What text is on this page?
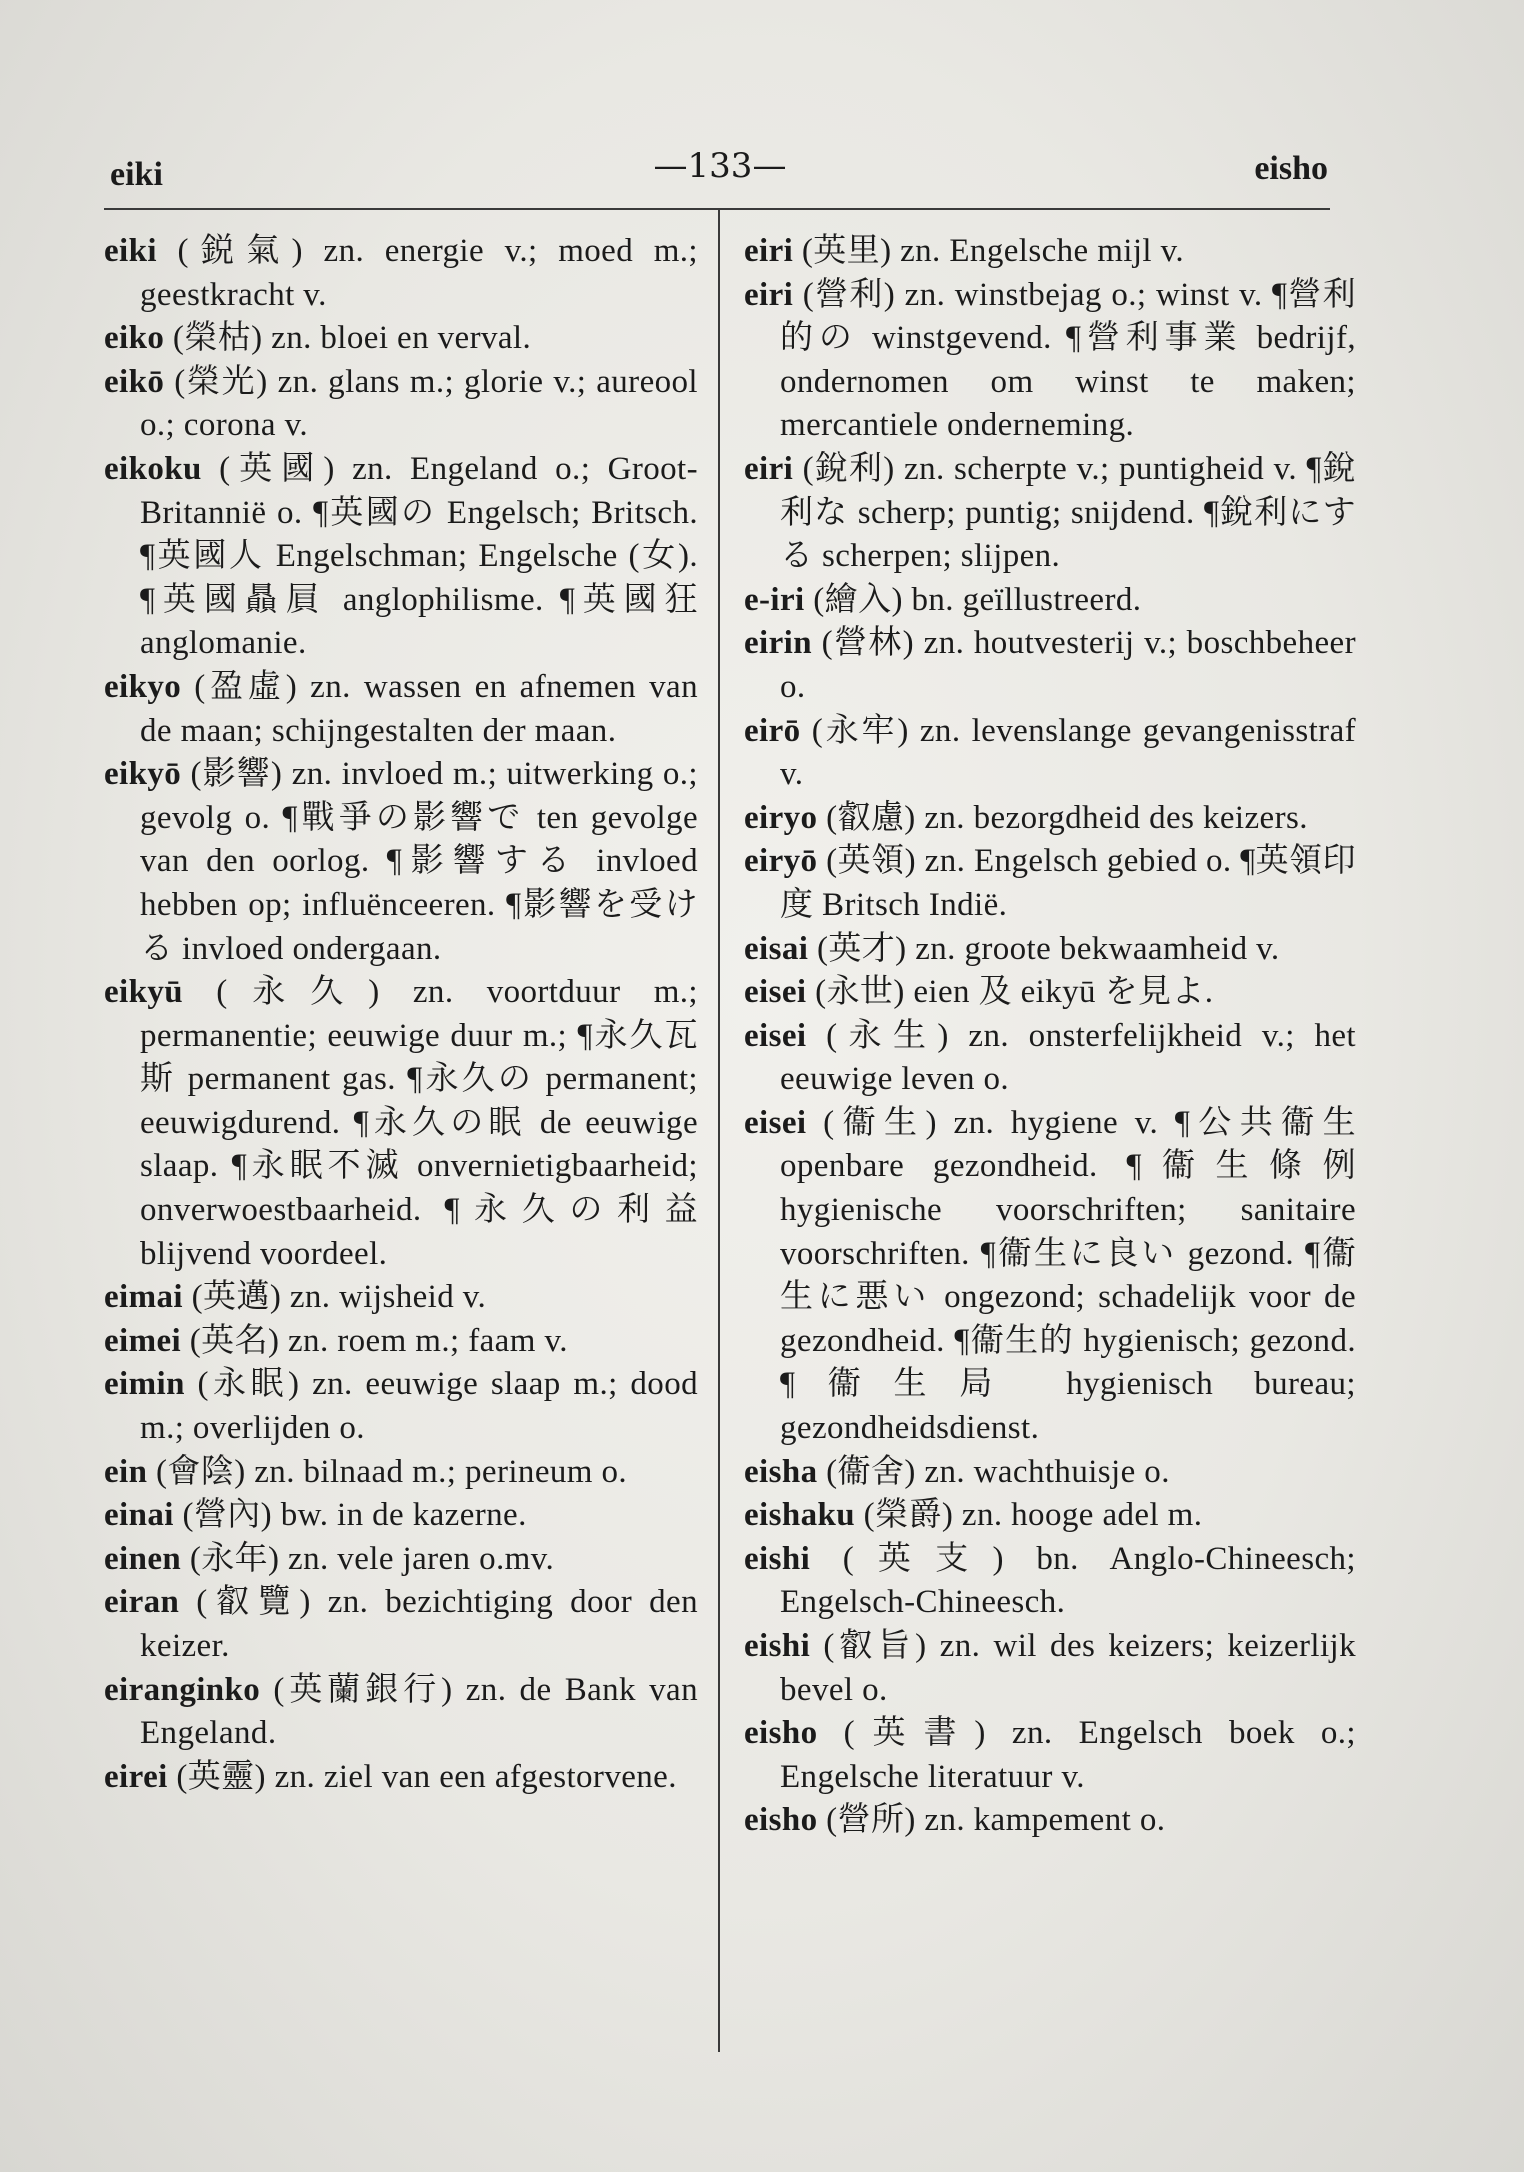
eiki	—133—	eisho

eiki (鋭氣) zn. energie v.; moed m.; geestkracht v.

eiko (榮枯) zn. bloei en verval.

eikō (榮光) zn. glans m.; glorie v.; aureool o.; corona v.

eikoku (英國) zn. Engeland o.; Groot-Britannië o. ¶英國の Engelsch; Britsch. ¶英國人 Engelschman; Engelsche (女). ¶英國贔屓 anglophilisme. ¶英國狂 anglomanie.

eikyo (盈虛) zn. wassen en afnemen van de maan; schijngestalten der maan.

eikyō (影響) zn. invloed m.; uitwerking o.; gevolg o. ¶戰爭の影響で ten gevolge van den oorlog. ¶影響する invloed hebben op; influënceeren. ¶影響を受ける invloed ondergaan.

eikyū (永久) zn. voortduur m.; permanentie; eeuwige duur m.; ¶永久瓦斯 permanent gas. ¶永久の permanent; eeuwigdurend. ¶永久の眠 de eeuwige slaap. ¶永眠不滅 onvernietigbaarheid; onverwoestbaarheid. ¶永久の利益 blijvend voordeel.

eimai (英邁) zn. wijsheid v.

eimei (英名) zn. roem m.; faam v.

eimin (永眠) zn. eeuwige slaap m.; dood m.; overlijden o.

ein (會陰) zn. bilnaad m.; perineum o.

einai (營內) bw. in de kazerne.

einen (永年) zn. vele jaren o.mv.

eiran (叡覽) zn. bezichtiging door den keizer.

eiranginko (英蘭銀行) zn. de Bank van Engeland.

eirei (英靈) zn. ziel van een afgestorvene.

eiri (英里) zn. Engelsche mijl v.

eiri (營利) zn. winstbejag o.; winst v. ¶營利的の winstgevend. ¶營利事業 bedrijf, ondernomen om winst te maken; mercantiele onderneming.

eiri (銳利) zn. scherpte v.; puntigheid v. ¶銳利な scherp; puntig; snijdend. ¶銳利にする scherpen; slijpen.

e-iri (繪入) bn. geïllustreerd.

eirin (營林) zn. houtvesterij v.; boschbeheer o.

eirō (永牢) zn. levenslange gevangenisstraf v.

eiryo (叡慮) zn. bezorgdheid des keizers.

eiryō (英領) zn. Engelsch gebied o. ¶英領印度 Britsch Indië.

eisai (英才) zn. groote bekwaamheid v.

eisei (永世) eien 及 eikyū を見よ.

eisei (永生) zn. onsterfelijkheid v.; het eeuwige leven o.

eisei (衞生) zn. hygiene v. ¶公共衞生 openbare gezondheid. ¶衞生條例 hygienische voorschriften; sanitaire voorschriften. ¶衞生に良い gezond. ¶衞生に悪い ongezond; schadelijk voor de gezondheid. ¶衞生的 hygienisch; gezond. ¶衞生局 hygienisch bureau; gezondheidsdienst.

eisha (衞舍) zn. wachthuisje o.

eishaku (榮爵) zn. hooge adel m.

eishi (英支) bn. Anglo-Chineesch; Engelsch-Chineesch.

eishi (叡旨) zn. wil des keizers; keizerlijk bevel o.

eisho (英書) zn. Engelsch boek o.; Engelsche literatuur v.

eisho (營所) zn. kampement o.
